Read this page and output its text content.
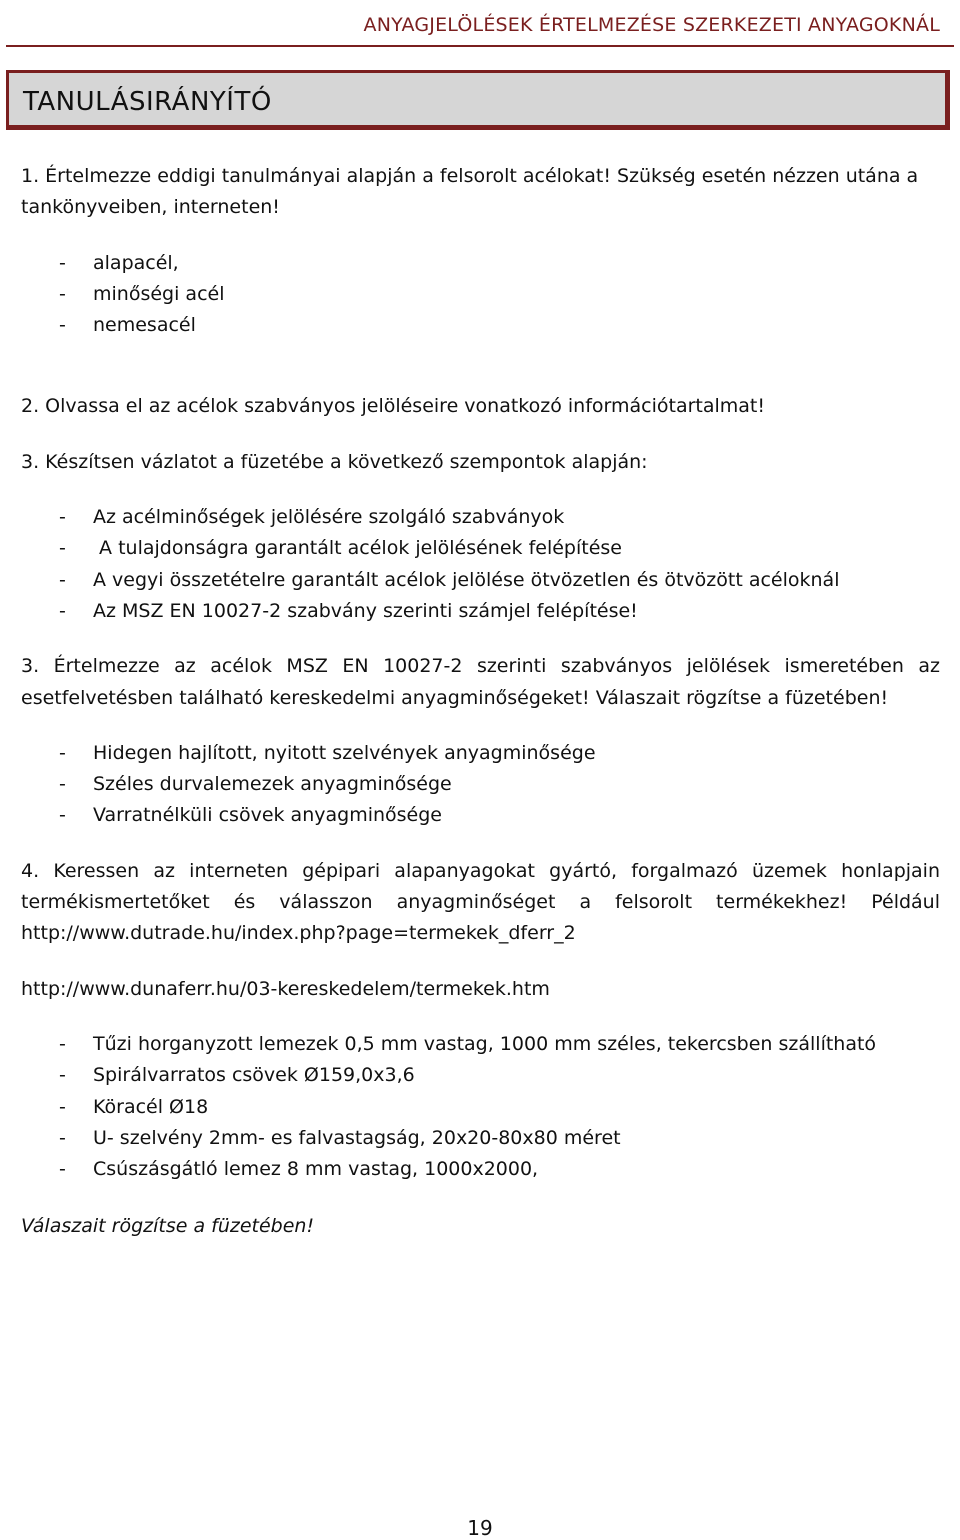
ANYAGJELÖLÉSEK ÉRTELMEZÉSE SZERKEZETI ANYAGOKNÁL
TANULÁSIRÁNYÍTÓ

1. Értelmezze eddigi tanulmányai alapján a felsorolt acélokat! Szükség esetén nézzen utána a tankönyveiben, interneten!

- alapacél,
- minőségi acél
- nemesacél

2. Olvassa el az acélok szabványos jelöléseire vonatkozó információtartalmat!

3. Készítsen vázlatot a füzetébe a következő szempontok alapján:

- Az acélminőségek jelölésére szolgáló szabványok
-  A tulajdonságra garantált acélok jelölésének felépítése
- A vegyi összetételre garantált acélok jelölése ötvözetlen és ötvözött acéloknál
- Az MSZ EN 10027-2 szabvány szerinti számjel felépítése!

3. Értelmezze az acélok MSZ EN 10027-2 szerinti szabványos jelölések ismeretében az esetfelvetésben található kereskedelmi anyagminőségeket! Válaszait rögzítse a füzetében!

- Hidegen hajlított, nyitott szelvények anyagminősége
- Széles durvalemezek anyagminősége
- Varratnélküli csövek anyagminősége

4. Keressen az interneten gépipari alapanyagokat gyártó, forgalmazó üzemek honlapjain termékismertetőket és válasszon anyagminőséget a felsorolt termékekhez! Például http://www.dutrade.hu/index.php?page=termekek_dferr_2

http://www.dunaferr.hu/03-kereskedelem/termekek.htm

- Tűzi horganyzott lemezek 0,5 mm vastag, 1000 mm széles, tekercsben szállítható
- Spirálvarratos csövek Ø159,0x3,6
- Köracél Ø18
- U- szelvény 2mm- es falvastagság, 20x20-80x80 méret
- Csúszásgátló lemez 8 mm vastag, 1000x2000,

Válaszait rögzítse a füzetében!

19
